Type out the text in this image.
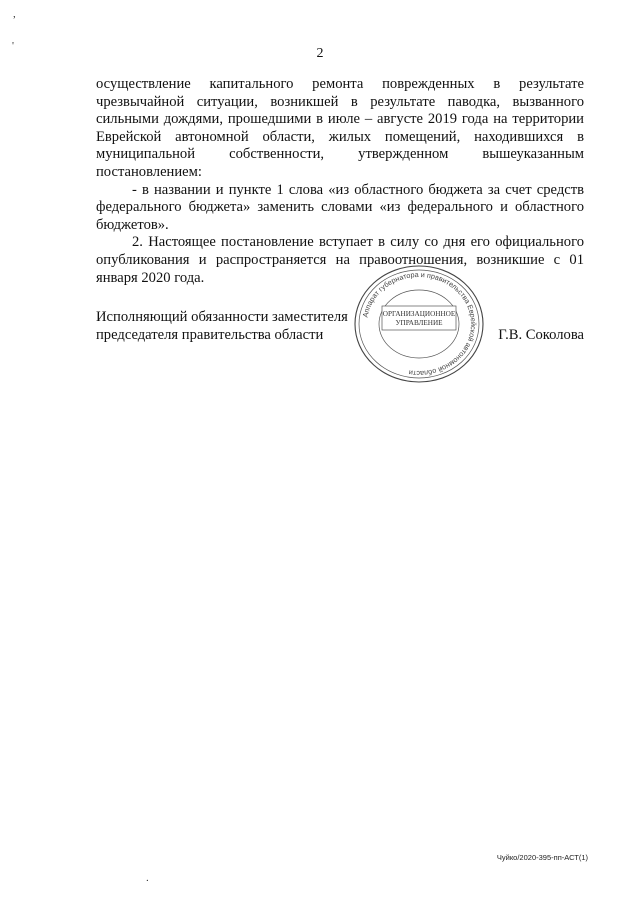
,
'
.
2

осуществление капитального ремонта поврежденных в результате чрезвычайной ситуации, возникшей в результате паводка, вызванного сильными дождями, прошедшими в июле – августе 2019 года на территории Еврейской автономной области, жилых помещений, находившихся в муниципальной собственности, утвержденном вышеуказанным постановлением:

- в названии и пункте 1 слова «из областного бюджета за счет средств федерального бюджета» заменить словами «из федерального и областного бюджетов».

2. Настоящее постановление вступает в силу со дня его официального опубликования и распространяется на правоотношения, возникшие с 01 января 2020 года.

Исполняющий обязанности заместителя
председателя правительства области	Г.В. Соколова
Аппарат губернатора и правительства Еврейской автономной области
ОРГАНИЗАЦИОННОЕ
УПРАВЛЕНИЕ
Чуйко/2020-395-пп-АСТ(1)
